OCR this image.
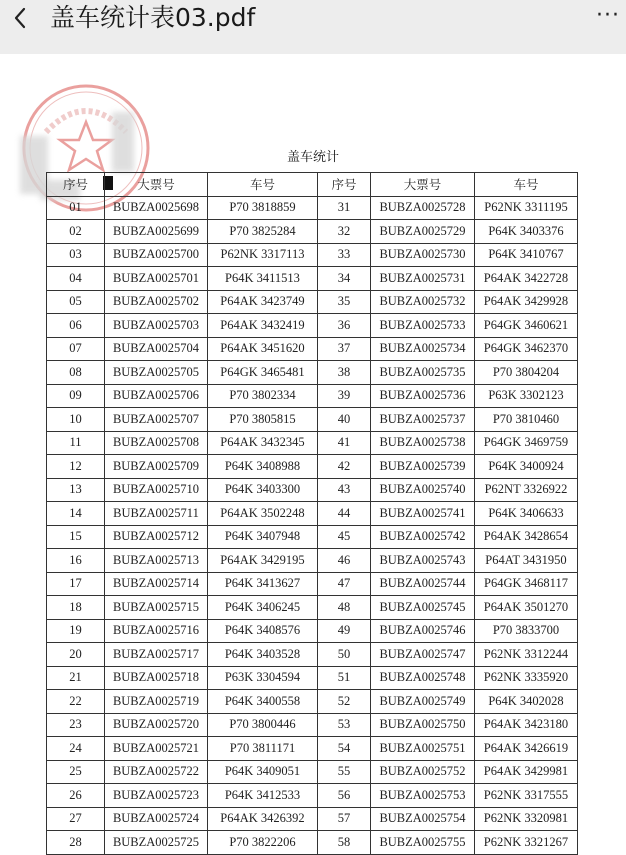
盖车统计表03.pdf	···
盖车统计
序号	大票号	车号	序号	大票号	车号
01	BUBZA0025698	P70 3818859	31	BUBZA0025728	P62NK 3311195
02	BUBZA0025699	P70 3825284	32	BUBZA0025729	P64K 3403376
03	BUBZA0025700	P62NK 3317113	33	BUBZA0025730	P64K 3410767
04	BUBZA0025701	P64K 3411513	34	BUBZA0025731	P64AK 3422728
05	BUBZA0025702	P64AK 3423749	35	BUBZA0025732	P64AK 3429928
06	BUBZA0025703	P64AK 3432419	36	BUBZA0025733	P64GK 3460621
07	BUBZA0025704	P64AK 3451620	37	BUBZA0025734	P64GK 3462370
08	BUBZA0025705	P64GK 3465481	38	BUBZA0025735	P70 3804204
09	BUBZA0025706	P70 3802334	39	BUBZA0025736	P63K 3302123
10	BUBZA0025707	P70 3805815	40	BUBZA0025737	P70 3810460
11	BUBZA0025708	P64AK 3432345	41	BUBZA0025738	P64GK 3469759
12	BUBZA0025709	P64K 3408988	42	BUBZA0025739	P64K 3400924
13	BUBZA0025710	P64K 3403300	43	BUBZA0025740	P62NT 3326922
14	BUBZA0025711	P64AK 3502248	44	BUBZA0025741	P64K 3406633
15	BUBZA0025712	P64K 3407948	45	BUBZA0025742	P64AK 3428654
16	BUBZA0025713	P64AK 3429195	46	BUBZA0025743	P64AT 3431950
17	BUBZA0025714	P64K 3413627	47	BUBZA0025744	P64GK 3468117
18	BUBZA0025715	P64K 3406245	48	BUBZA0025745	P64AK 3501270
19	BUBZA0025716	P64K 3408576	49	BUBZA0025746	P70 3833700
20	BUBZA0025717	P64K 3403528	50	BUBZA0025747	P62NK 3312244
21	BUBZA0025718	P63K 3304594	51	BUBZA0025748	P62NK 3335920
22	BUBZA0025719	P64K 3400558	52	BUBZA0025749	P64K 3402028
23	BUBZA0025720	P70 3800446	53	BUBZA0025750	P64AK 3423180
24	BUBZA0025721	P70 3811171	54	BUBZA0025751	P64AK 3426619
25	BUBZA0025722	P64K 3409051	55	BUBZA0025752	P64AK 3429981
26	BUBZA0025723	P64K 3412533	56	BUBZA0025753	P62NK 3317555
27	BUBZA0025724	P64AK 3426392	57	BUBZA0025754	P62NK 3320981
28	BUBZA0025725	P70 3822206	58	BUBZA0025755	P62NK 3321267
